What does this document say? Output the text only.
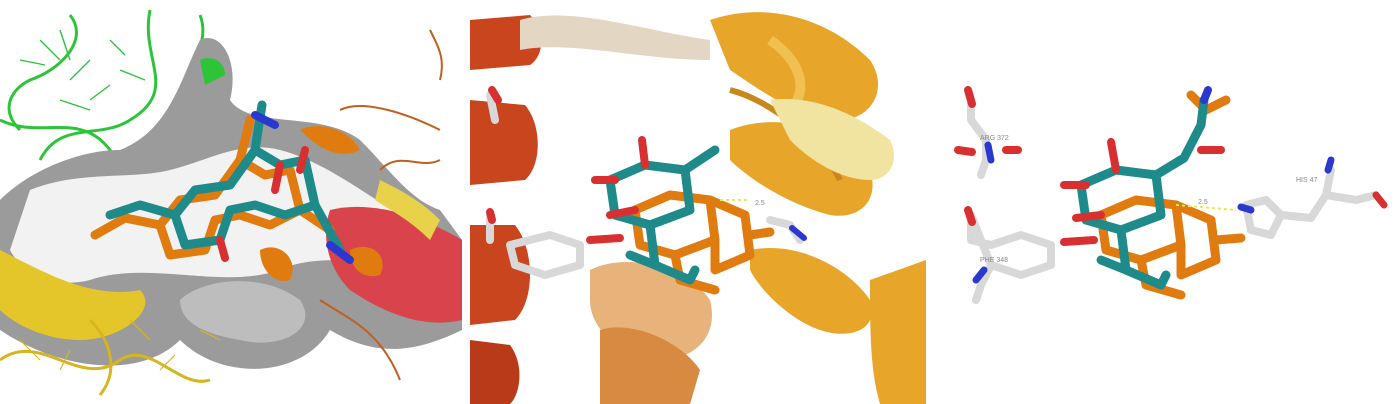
2.5
ARG 372
PHE 348
2.5
HIS 47
